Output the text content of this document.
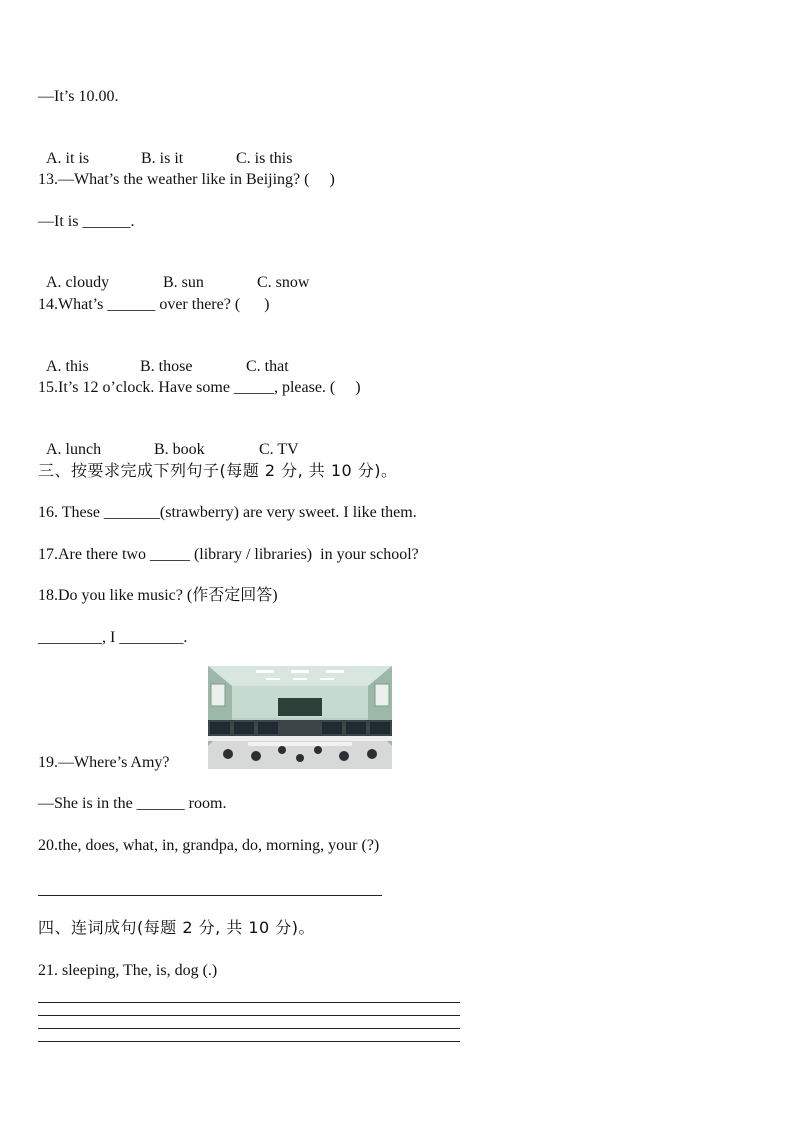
—It’s 10.00.

A. it is	B. is it	C. is this

13.—What’s the weather like in Beijing? (     )
—It is ______.

A. cloudy	B. sun	C. snow

14.What’s ______ over there? (      )

A. this	B. those	C. that

15.It’s 12 o’clock. Have some _____, please. (     )

A. lunch	B. book	C. TV

三、按要求完成下列句子(每题 2 分, 共 10 分)。
16. These _______(strawberry) are very sweet. I like them.
17.Are there two _____ (library / libraries)  in your school?
18.Do you like music? (作否定回答)
________, I ________.
19.—Where’s Amy?
—She is in the ______ room.
20.the, does, what, in, grandpa, do, morning, your (?)
四、连词成句(每题 2 分, 共 10 分)。
21. sleeping, The, is, dog (.)
